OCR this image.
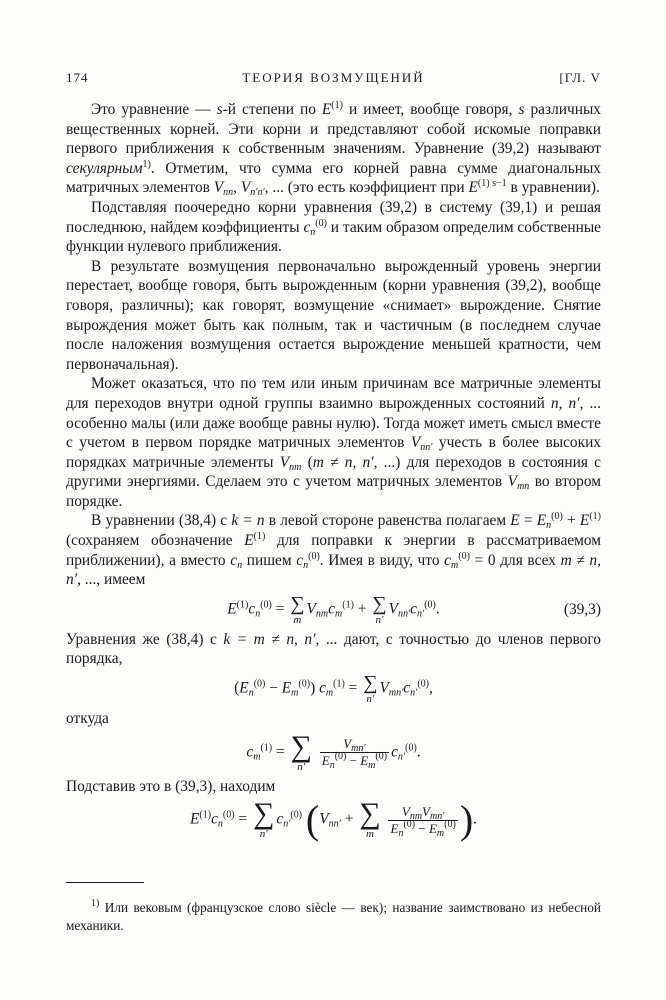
174	ТЕОРИЯ ВОЗМУЩЕНИЙ	[ГЛ. V

Это уравнение — s-й степени по $E^{(1)}$ и имеет, вообще говоря, s различных вещественных корней. Эти корни и представляют собой искомые поправки первого приближения к собственным значениям. Уравнение (39,2) называют секулярным$^{1)}$. Отметим, что сумма его корней равна сумме диагональных матричных элементов $V_{nn}$, $V_{n'n'}$, ... (это есть коэффициент при $E^{(1) s-1}$ в уравнении).

Подставляя поочередно корни уравнения (39,2) в систему (39,1) и решая последнюю, найдем коэффициенты $c_n^{(0)}$ и таким образом определим собственные функции нулевого приближения.

В результате возмущения первоначально вырожденный уровень энергии перестает, вообще говоря, быть вырожденным (корни уравнения (39,2), вообще говоря, различны); как говорят, возмущение «снимает» вырождение. Снятие вырождения может быть как полным, так и частичным (в последнем случае после наложения возмущения остается вырождение меньшей кратности, чем первоначальная).

Может оказаться, что по тем или иным причинам все матричные элементы для переходов внутри одной группы взаимно вырожденных состояний n, n′, ... особенно малы (или даже вообще равны нулю). Тогда может иметь смысл вместе с учетом в первом порядке матричных элементов $V_{nn'}$ учесть в более высоких порядках матричные элементы $V_{nm}$ (m ≠ n, n′, ...) для переходов в состояния с другими энергиями. Сделаем это с учетом матричных элементов $V_{mn}$ во втором порядке.

В уравнении (38,4) с k = n в левой стороне равенства полагаем $E = E_n^{(0)} + E^{(1)}$ (сохраняем обозначение $E^{(1)}$ для поправки к энергии в рассматриваемом приближении), а вместо $c_n$ пишем $c_n^{(0)}$. Имея в виду, что $c_m^{(0)} = 0$ для всех m ≠ n, n′, ..., имеем

$E^{(1)}c_n^{(0)}$ = ∑
m
$V_{nm}c_m^{(1)}$ + ∑
n′
$V_{nn'}c_{n'}^{(0)}$.	(39,3)

Уравнения же (38,4) с k = m ≠ n, n′, ... дают, с точностью до членов первого порядка,

$(E_n^{(0)} - E_m^{(0)}) c_m^{(1)}$ = ∑
n′
$V_{mn'}c_{n'}^{(0)}$,

откуда

$c_m^{(1)}$ = ∑
n′
	$\frac{V_{mn'}}{E_n^{(0)} - E_m^{(0)}} c_{n'}^{(0)}$.

Подставив это в (39,3), находим

$E^{(1)}c_n^{(0)}$ = ∑
n′
$c_{n'}^{(0)}$ ($V_{nn'}$ + ∑
m
	$\frac{V_{nm}V_{mn'}}{E_n^{(0)} - E_m^{(0)}}$ ).

$^{1)}$ Или вековым (французское слово siècle — век); название заимствовано из небесной механики.
